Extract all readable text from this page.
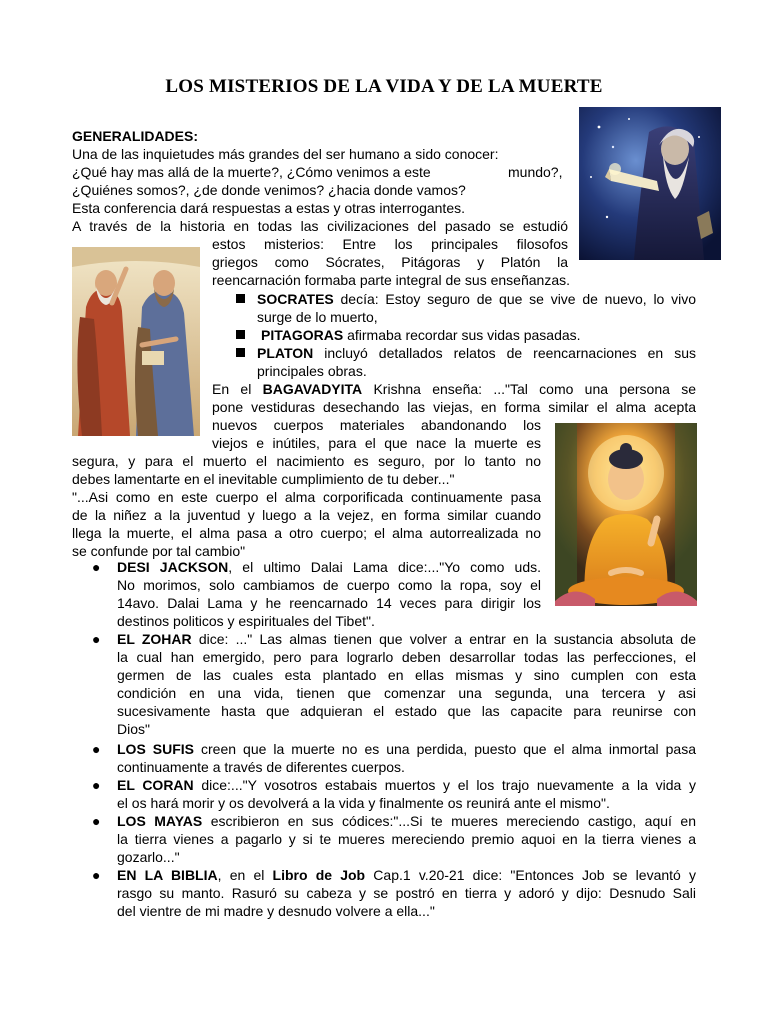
LOS MISTERIOS DE LA VIDA Y DE LA MUERTE
GENERALIDADES:
Una de las inquietudes más grandes del ser humano a sido conocer:
¿Qué hay mas allá de la muerte?, ¿Cómo venimos a este	mundo?,
¿Quiénes somos?, ¿de donde venimos? ¿hacia donde vamos?
Esta conferencia dará respuestas a estas y otras interrogantes.
A través de la historia en todas las civilizaciones del pasado se estudió
estos misterios: Entre los principales filosofos
griegos como Sócrates, Pitágoras y Platón la
reencarnación formaba parte integral de sus enseñanzas.
SOCRATES decía: Estoy seguro de que se vive de nuevo, lo vivo
surge de lo muerto,
PITAGORAS afirmaba recordar sus vidas pasadas.
PLATON incluyó detallados relatos de reencarnaciones en sus
principales obras.
En el BAGAVADYITA Krishna enseña: ..."Tal como una persona se
pone vestiduras desechando las viejas, en forma similar el alma acepta
nuevos cuerpos materiales abandonando los
viejos e inútiles, para el que nace la muerte es
segura, y para el muerto el nacimiento es seguro, por lo tanto no
debes lamentarte en el inevitable cumplimiento de tu deber..."
"...Asi como en este cuerpo el alma corporificada continuamente pasa
de la niñez a la juventud y luego a la vejez, en forma similar cuando
llega la muerte, el alma pasa a otro cuerpo; el alma autorrealizada no
se confunde por tal cambio"
● DESI JACKSON, el ultimo Dalai Lama dice:..."Yo como uds.
No morimos, solo cambiamos de cuerpo como la ropa, soy el
14avo. Dalai Lama y he reencarnado 14 veces para dirigir los
destinos politicos y espirituales del Tibet".
● EL ZOHAR dice: ..." Las almas tienen que volver a entrar en la sustancia absoluta de
la cual han emergido, pero para lograrlo deben desarrollar todas las perfecciones, el
germen de las cuales esta plantado en ellas mismas y sino cumplen con esta
condición en una vida, tienen que comenzar una segunda, una tercera y asi
sucesivamente hasta que adquieran el estado que las capacite para reunirse con
Dios"
● LOS SUFIS creen que la muerte no es una perdida, puesto que el alma inmortal pasa
continuamente a través de diferentes cuerpos.
● EL CORAN dice:..."Y vosotros estabais muertos y el los trajo nuevamente a la vida y
el os hará morir y os devolverá a la vida y finalmente os reunirá ante el mismo".
● LOS MAYAS escribieron en sus códices:"...Si te mueres mereciendo castigo, aquí en
la tierra vienes a pagarlo y si te mueres mereciendo premio aquoi en la tierra vienes a
gozarlo..."
● EN LA BIBLIA, en el Libro de Job Cap.1 v.20-21 dice: "Entonces Job se levantó y
rasgo su manto. Rasuró su cabeza y se postró en tierra y adoró y dijo: Desnudo Sali
del vientre de mi madre y desnudo volvere a ella..."
